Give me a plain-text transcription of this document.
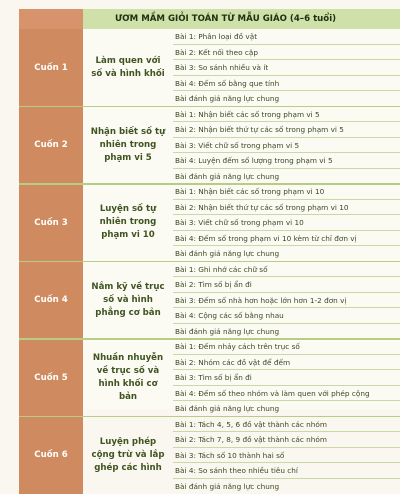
ƯƠM MẦM GIỎI TOÁN TỪ MẪU GIÁO (4–6 tuổi)
Cuốn 1
Làm quen với số và hình khối
Bài 1: Phân loại đồ vật
Bài 2: Kết nối theo cặp
Bài 3: So sánh nhiều và ít
Bài 4: Đếm số bằng que tính
Bài đánh giá năng lực chung
Cuốn 2
Nhận biết số tự nhiên trong phạm vi 5
Bài 1: Nhận biết các số trong phạm vi 5
Bài 2: Nhận biết thứ tự các số trong phạm vi 5
Bài 3: Viết chữ số trong phạm vi 5
Bài 4: Luyện đếm số lượng trong phạm vi 5
Bài đánh giá năng lực chung
Cuốn 3
Luyện số tự nhiên trong phạm vi 10
Bài 1: Nhận biết các số trong phạm vi 10
Bài 2: Nhận biết thứ tự các số trong phạm vi 10
Bài 3: Viết chữ số trong phạm vi 10
Bài 4: Đếm số trong phạm vi 10 kèm từ chỉ đơn vị
Bài đánh giá năng lực chung
Cuốn 4
Nắm kỹ về trục số và hình phẳng cơ bản
Bài 1: Ghi nhớ các chữ số
Bài 2: Tìm số bị ẩn đi
Bài 3: Đếm số nhà hơn hoặc lớn hơn 1-2 đơn vị
Bài 4: Cộng các số bằng nhau
Bài đánh giá năng lực chung
Cuốn 5
Nhuần nhuyễn về trục số và hình khối cơ bản
Bài 1: Đếm nhảy cách trên trục số
Bài 2: Nhóm các đồ vật để đếm
Bài 3: Tìm số bị ẩn đi
Bài 4: Đếm số theo nhóm và làm quen với phép cộng
Bài đánh giá năng lực chung
Cuốn 6
Luyện phép cộng trừ và lắp ghép các hình
Bài 1: Tách 4, 5, 6 đồ vật thành các nhóm
Bài 2: Tách 7, 8, 9 đồ vật thành các nhóm
Bài 3: Tách số 10 thành hai số
Bài 4: So sánh theo nhiều tiêu chí
Bài đánh giá năng lực chung
